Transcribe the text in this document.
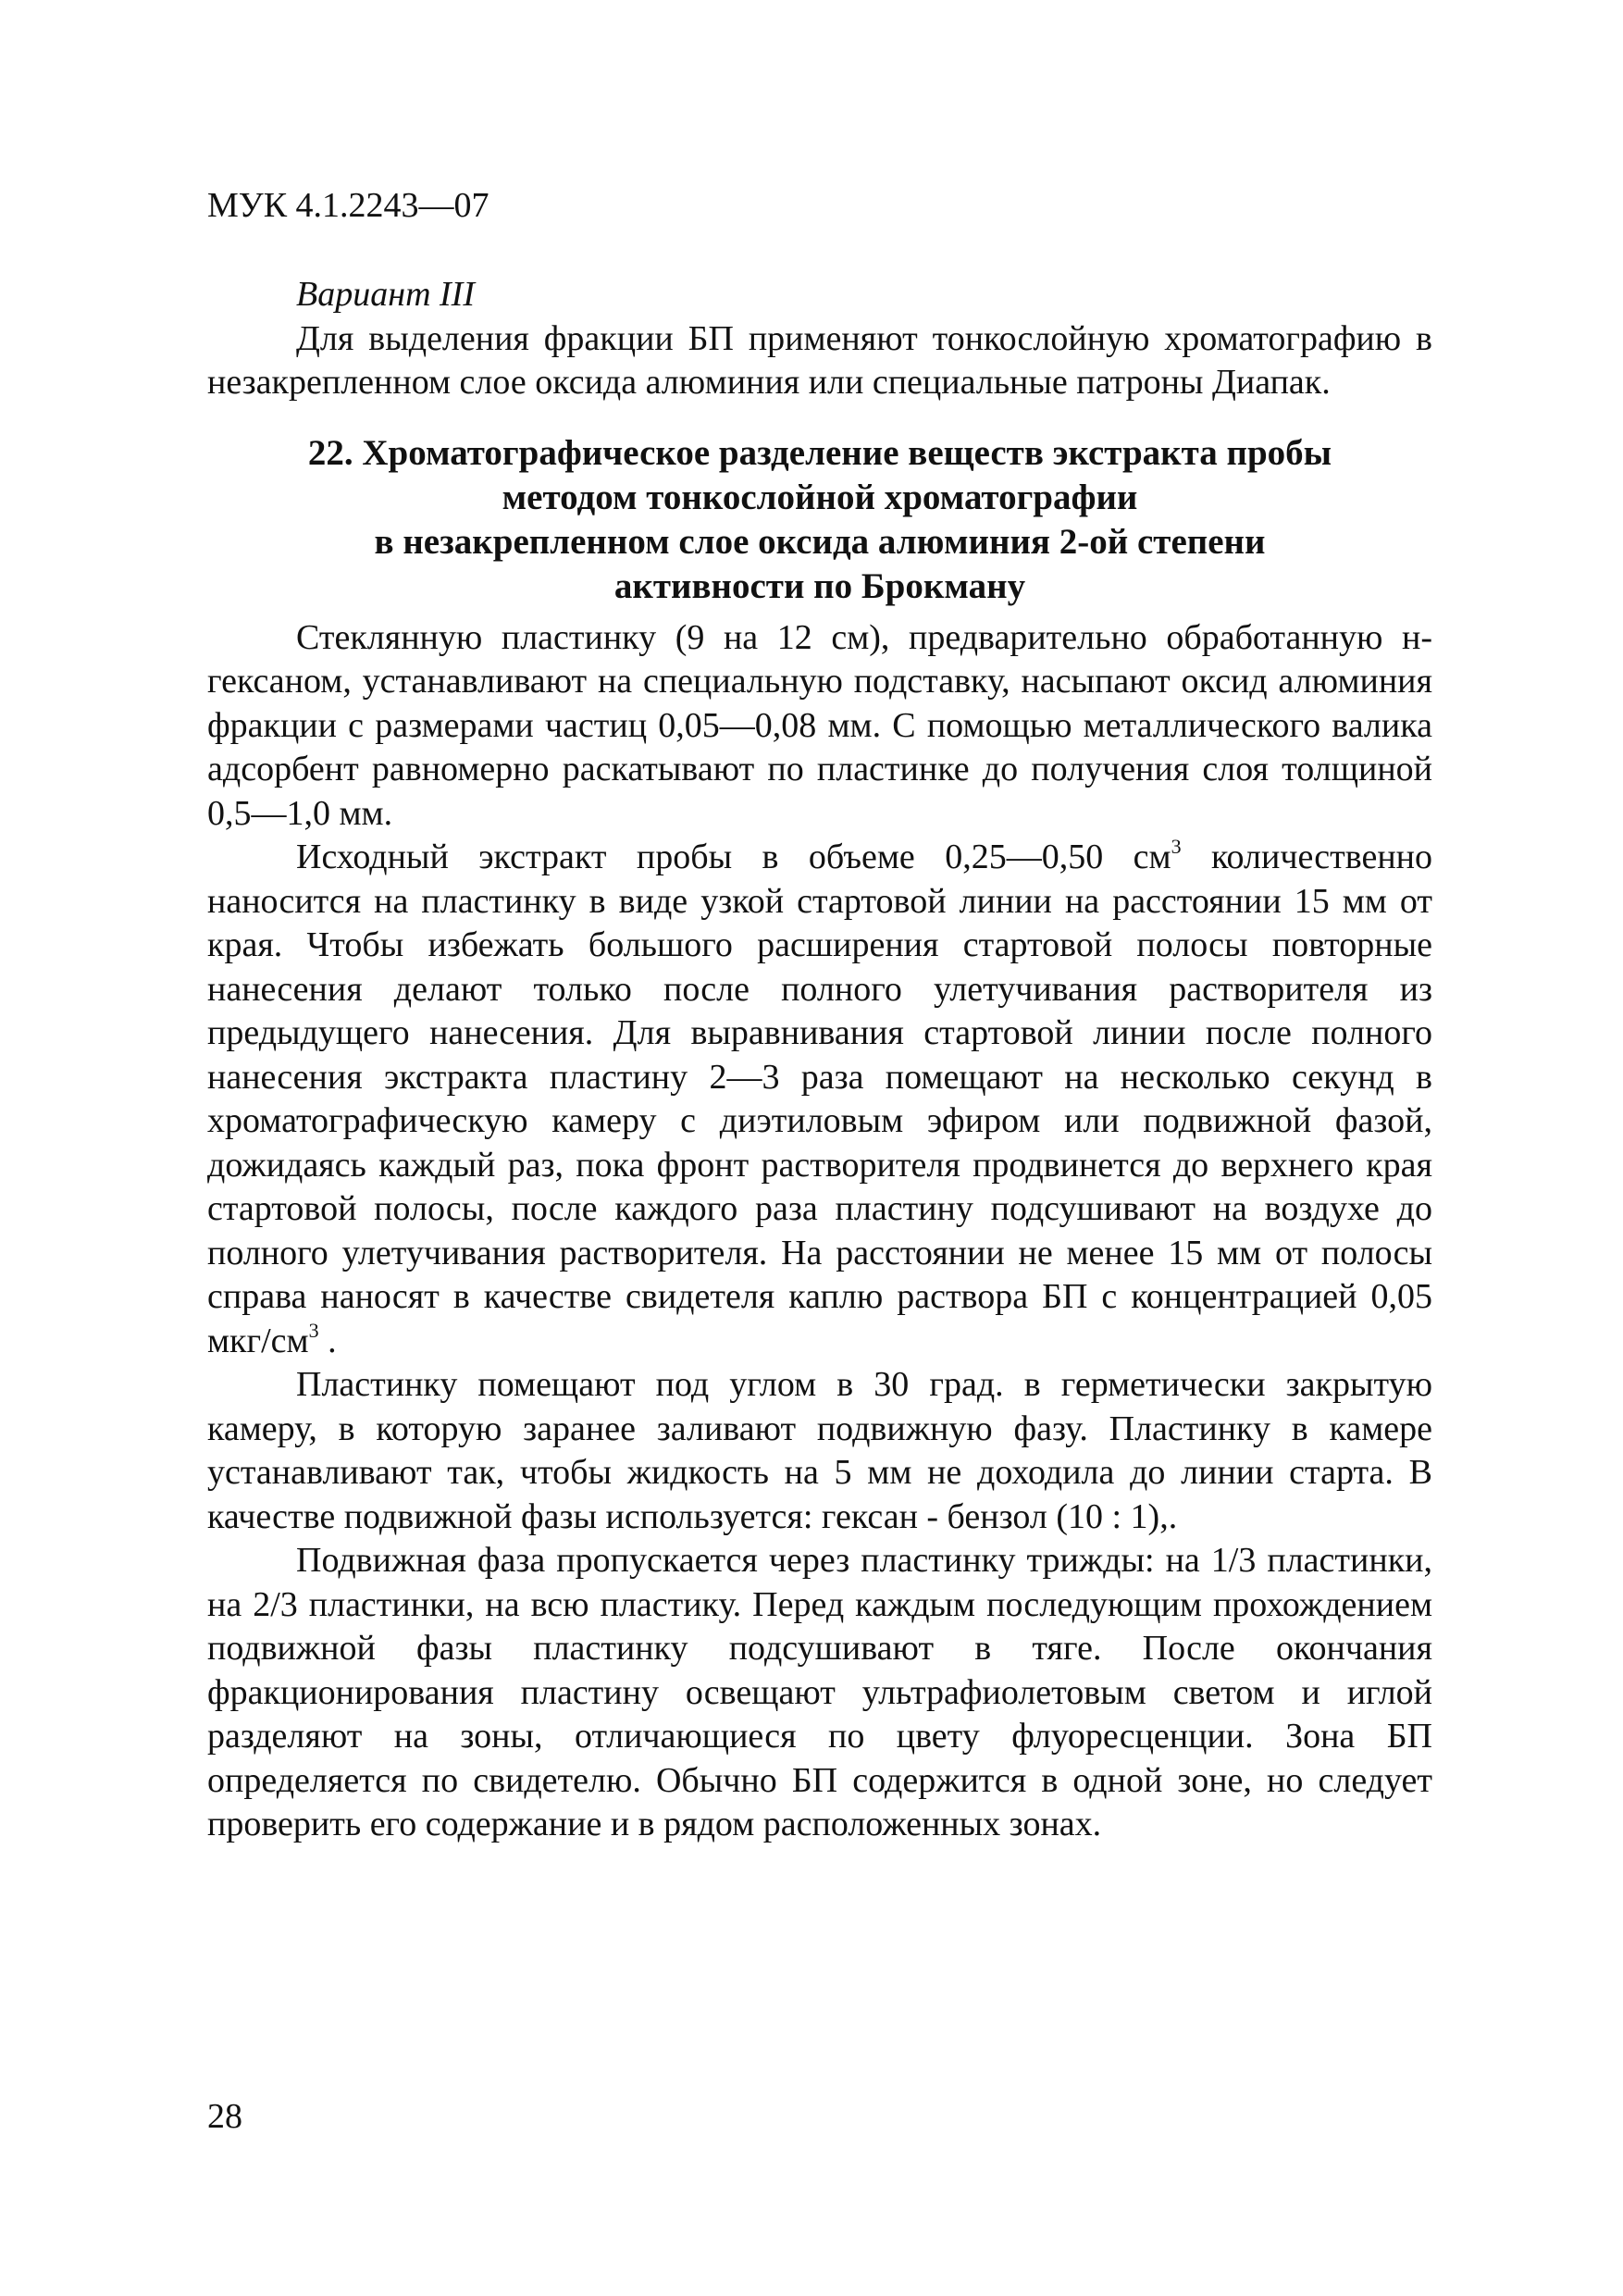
МУК 4.1.2243—07

Вариант III

Для выделения фракции БП применяют тонкослойную хроматографию в незакрепленном слое оксида алюминия или специальные патроны Диапак.

22. Хроматографическое разделение веществ экстракта пробы
методом тонкослойной хроматографии
в незакрепленном слое оксида алюминия 2-ой степени
активности по Брокману

Стеклянную пластинку (9 на 12 см), предварительно обработанную н-гексаном, устанавливают на специальную подставку, насыпают оксид алюминия фракции с размерами частиц 0,05—0,08 мм. С помощью металлического валика адсорбент равномерно раскатывают по пластинке до получения слоя толщиной 0,5—1,0 мм.

Исходный экстракт пробы в объеме 0,25—0,50 $см^3$ количественно наносится на пластинку в виде узкой стартовой линии на расстоянии 15 мм от края. Чтобы избежать большого расширения стартовой полосы повторные нанесения делают только после полного улетучивания растворителя из предыдущего нанесения. Для выравнивания стартовой линии после полного нанесения экстракта пластину 2—3 раза помещают на несколько секунд в хроматографическую камеру с диэтиловым эфиром или подвижной фазой, дожидаясь каждый раз, пока фронт растворителя продвинется до верхнего края стартовой полосы, после каждого раза пластину подсушивают на воздухе до полного улетучивания растворителя. На расстоянии не менее 15 мм от полосы справа наносят в качестве свидетеля каплю раствора БП с концентрацией 0,05 мкг/$см^3$ .

Пластинку помещают под углом в 30 град. в герметически закрытую камеру, в которую заранее заливают подвижную фазу. Пластинку в камере устанавливают так, чтобы жидкость на 5 мм не доходила до линии старта. В качестве подвижной фазы используется: гексан - бензол (10 : 1),.

Подвижная фаза пропускается через пластинку трижды: на 1/3 пластинки, на 2/3 пластинки, на всю пластику. Перед каждым последующим прохождением подвижной фазы пластинку подсушивают в тяге. После окончания фракционирования пластину освещают ультрафиолетовым светом и иглой разделяют на зоны, отличающиеся по цвету флуоресценции. Зона БП определяется по свидетелю. Обычно БП содержится в одной зоне, но следует проверить его содержание и в рядом расположенных зонах.

28
